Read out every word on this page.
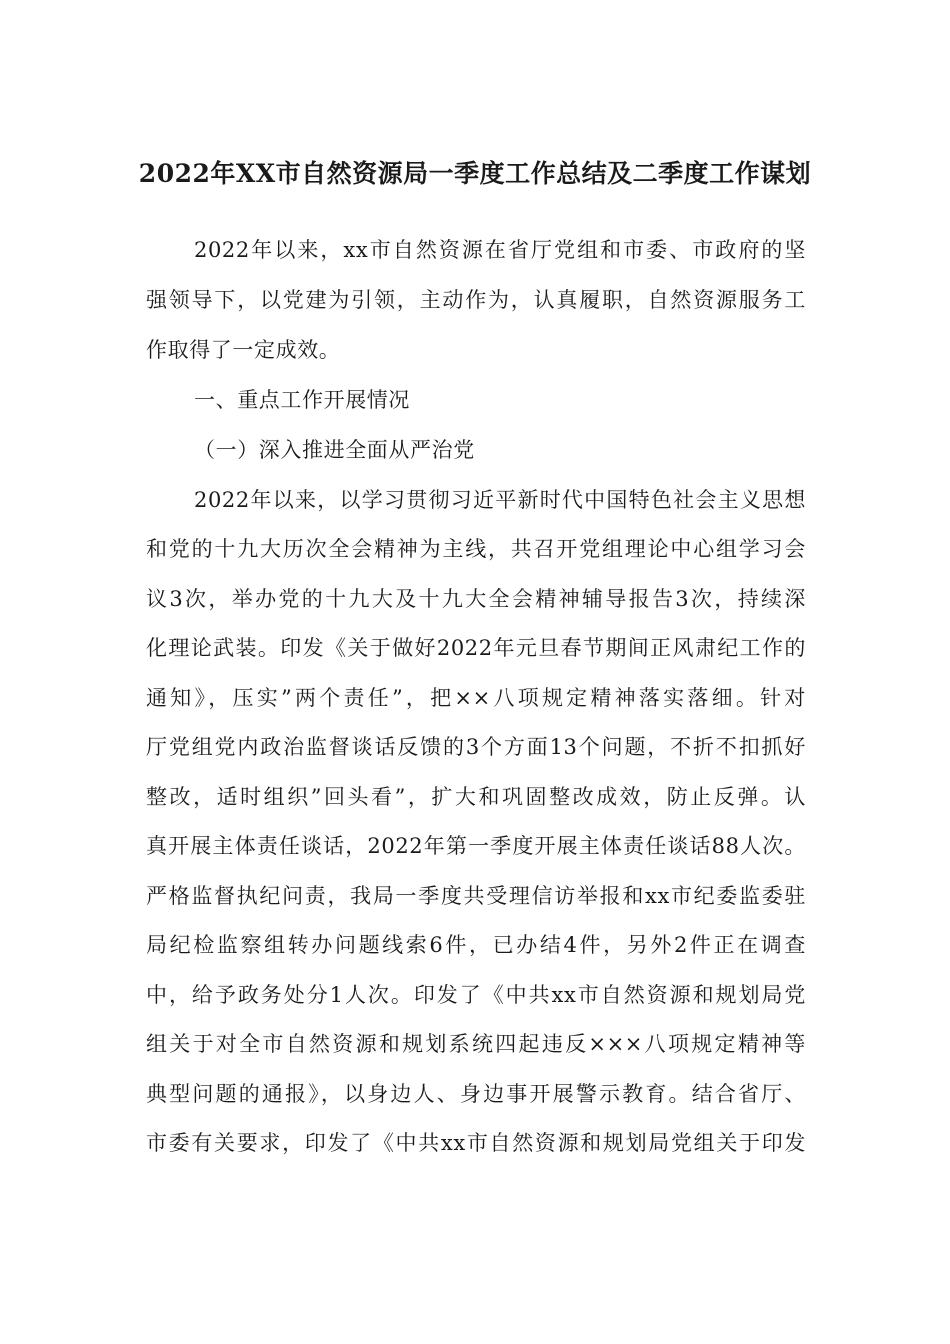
2022年XX市自然资源局一季度工作总结及二季度工作谋划
2022年以来，xx市自然资源在省厅党组和市委、市政府的坚
强领导下，以党建为引领，主动作为，认真履职，自然资源服务工
作取得了一定成效。
一、重点工作开展情况
（一）深入推进全面从严治党
2022年以来，以学习贯彻习近平新时代中国特色社会主义思想
和党的十九大历次全会精神为主线，共召开党组理论中心组学习会
议3次，举办党的十九大及十九大全会精神辅导报告3次，持续深
化理论武装。印发《关于做好2022年元旦春节期间正风肃纪工作的
通知》，压实”两个责任”，把××八项规定精神落实落细。针对
厅党组党内政治监督谈话反馈的3个方面13个问题，不折不扣抓好
整改，适时组织”回头看”，扩大和巩固整改成效，防止反弹。认
真开展主体责任谈话，2022年第一季度开展主体责任谈话88人次。
严格监督执纪问责，我局一季度共受理信访举报和xx市纪委监委驻
局纪检监察组转办问题线索6件，已办结4件，另外2件正在调查
中，给予政务处分1人次。印发了《中共xx市自然资源和规划局党
组关于对全市自然资源和规划系统四起违反×××八项规定精神等
典型问题的通报》，以身边人、身边事开展警示教育。结合省厅、
市委有关要求，印发了《中共xx市自然资源和规划局党组关于印发
